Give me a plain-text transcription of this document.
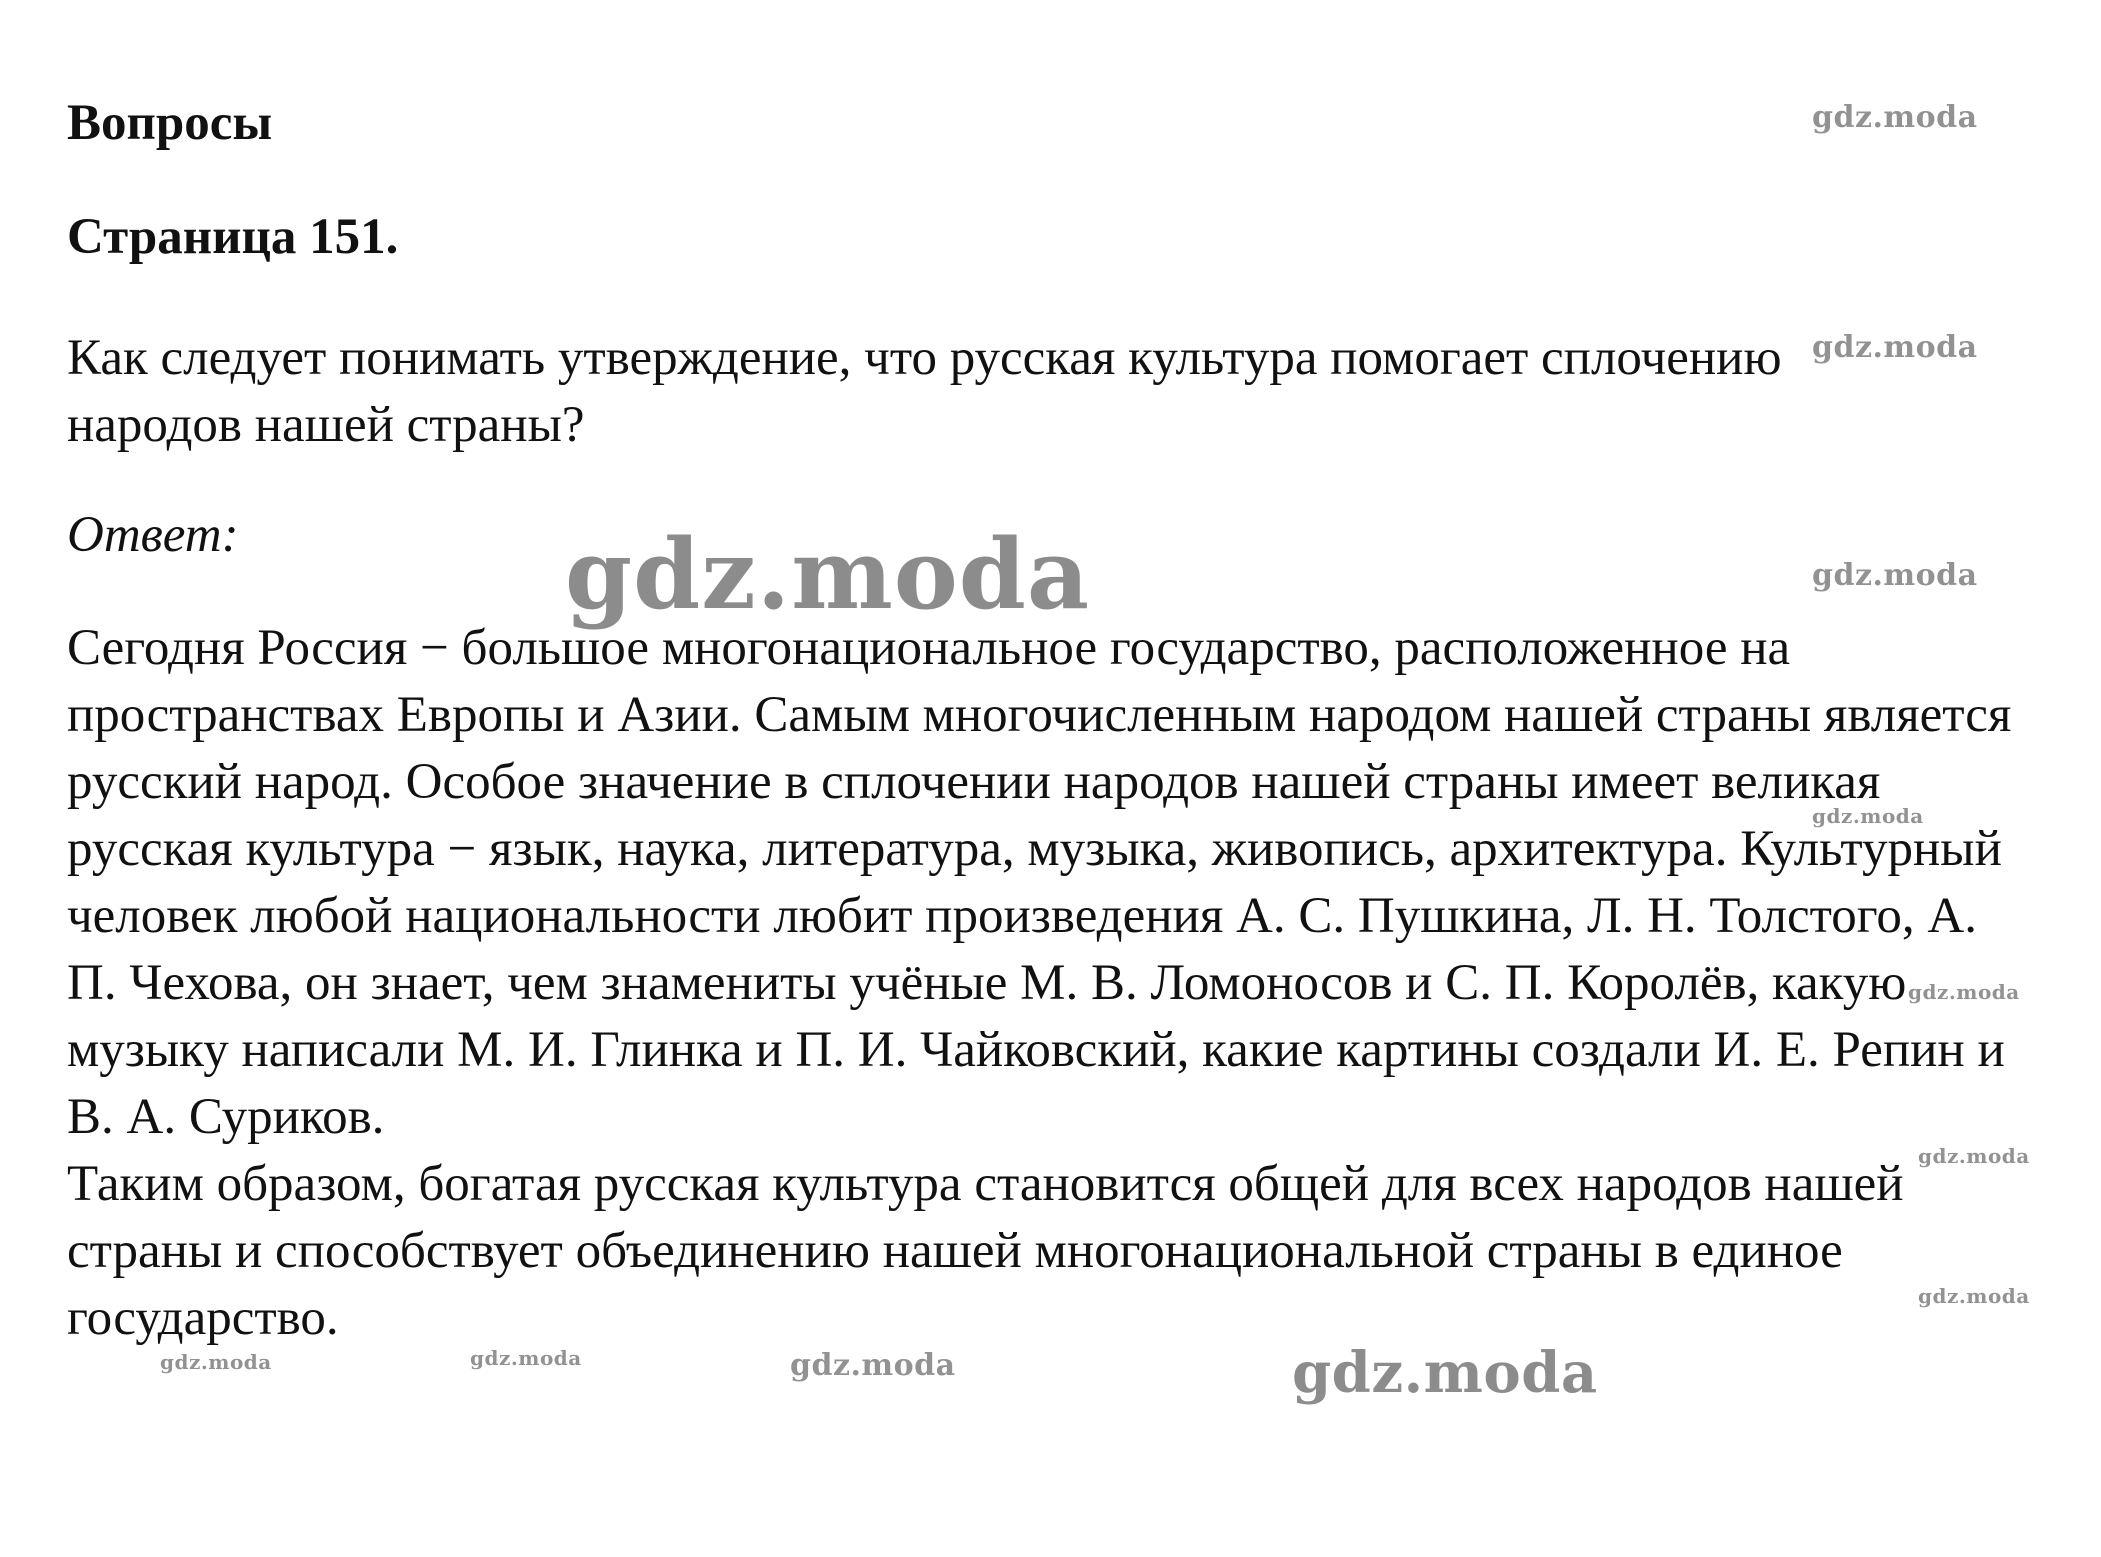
Вопросы
Страница 151.

Как следует понимать утверждение, что русская культура помогает сплочению народов нашей страны?

Ответ:

Сегодня Россия − большое многонациональное государство, расположенное на пространствах Европы и Азии. Самым многочисленным народом нашей страны является русский народ. Особое значение в сплочении народов нашей страны имеет великая русская культура − язык, наука, литература, музыка, живопись, архитектура. Культурный человек любой национальности любит произведения А. С. Пушкина, Л. Н. Толстого, А. П. Чехова, он знает, чем знамениты учёные М. В. Ломоносов и С. П. Королёв, какую музыку написали М. И. Глинка и П. И. Чайковский, какие картины создали И. Е. Репин и В. А. Суриков.

Таким образом, богатая русская культура становится общей для всех народов нашей страны и способствует объединению нашей многонациональной страны в единое государство.

gdz.moda
gdz.moda
gdz.moda
gdz.moda
gdz.moda
gdz.moda
gdz.moda
gdz.moda
gdz.moda	gdz.moda	gdz.moda	gdz.moda
